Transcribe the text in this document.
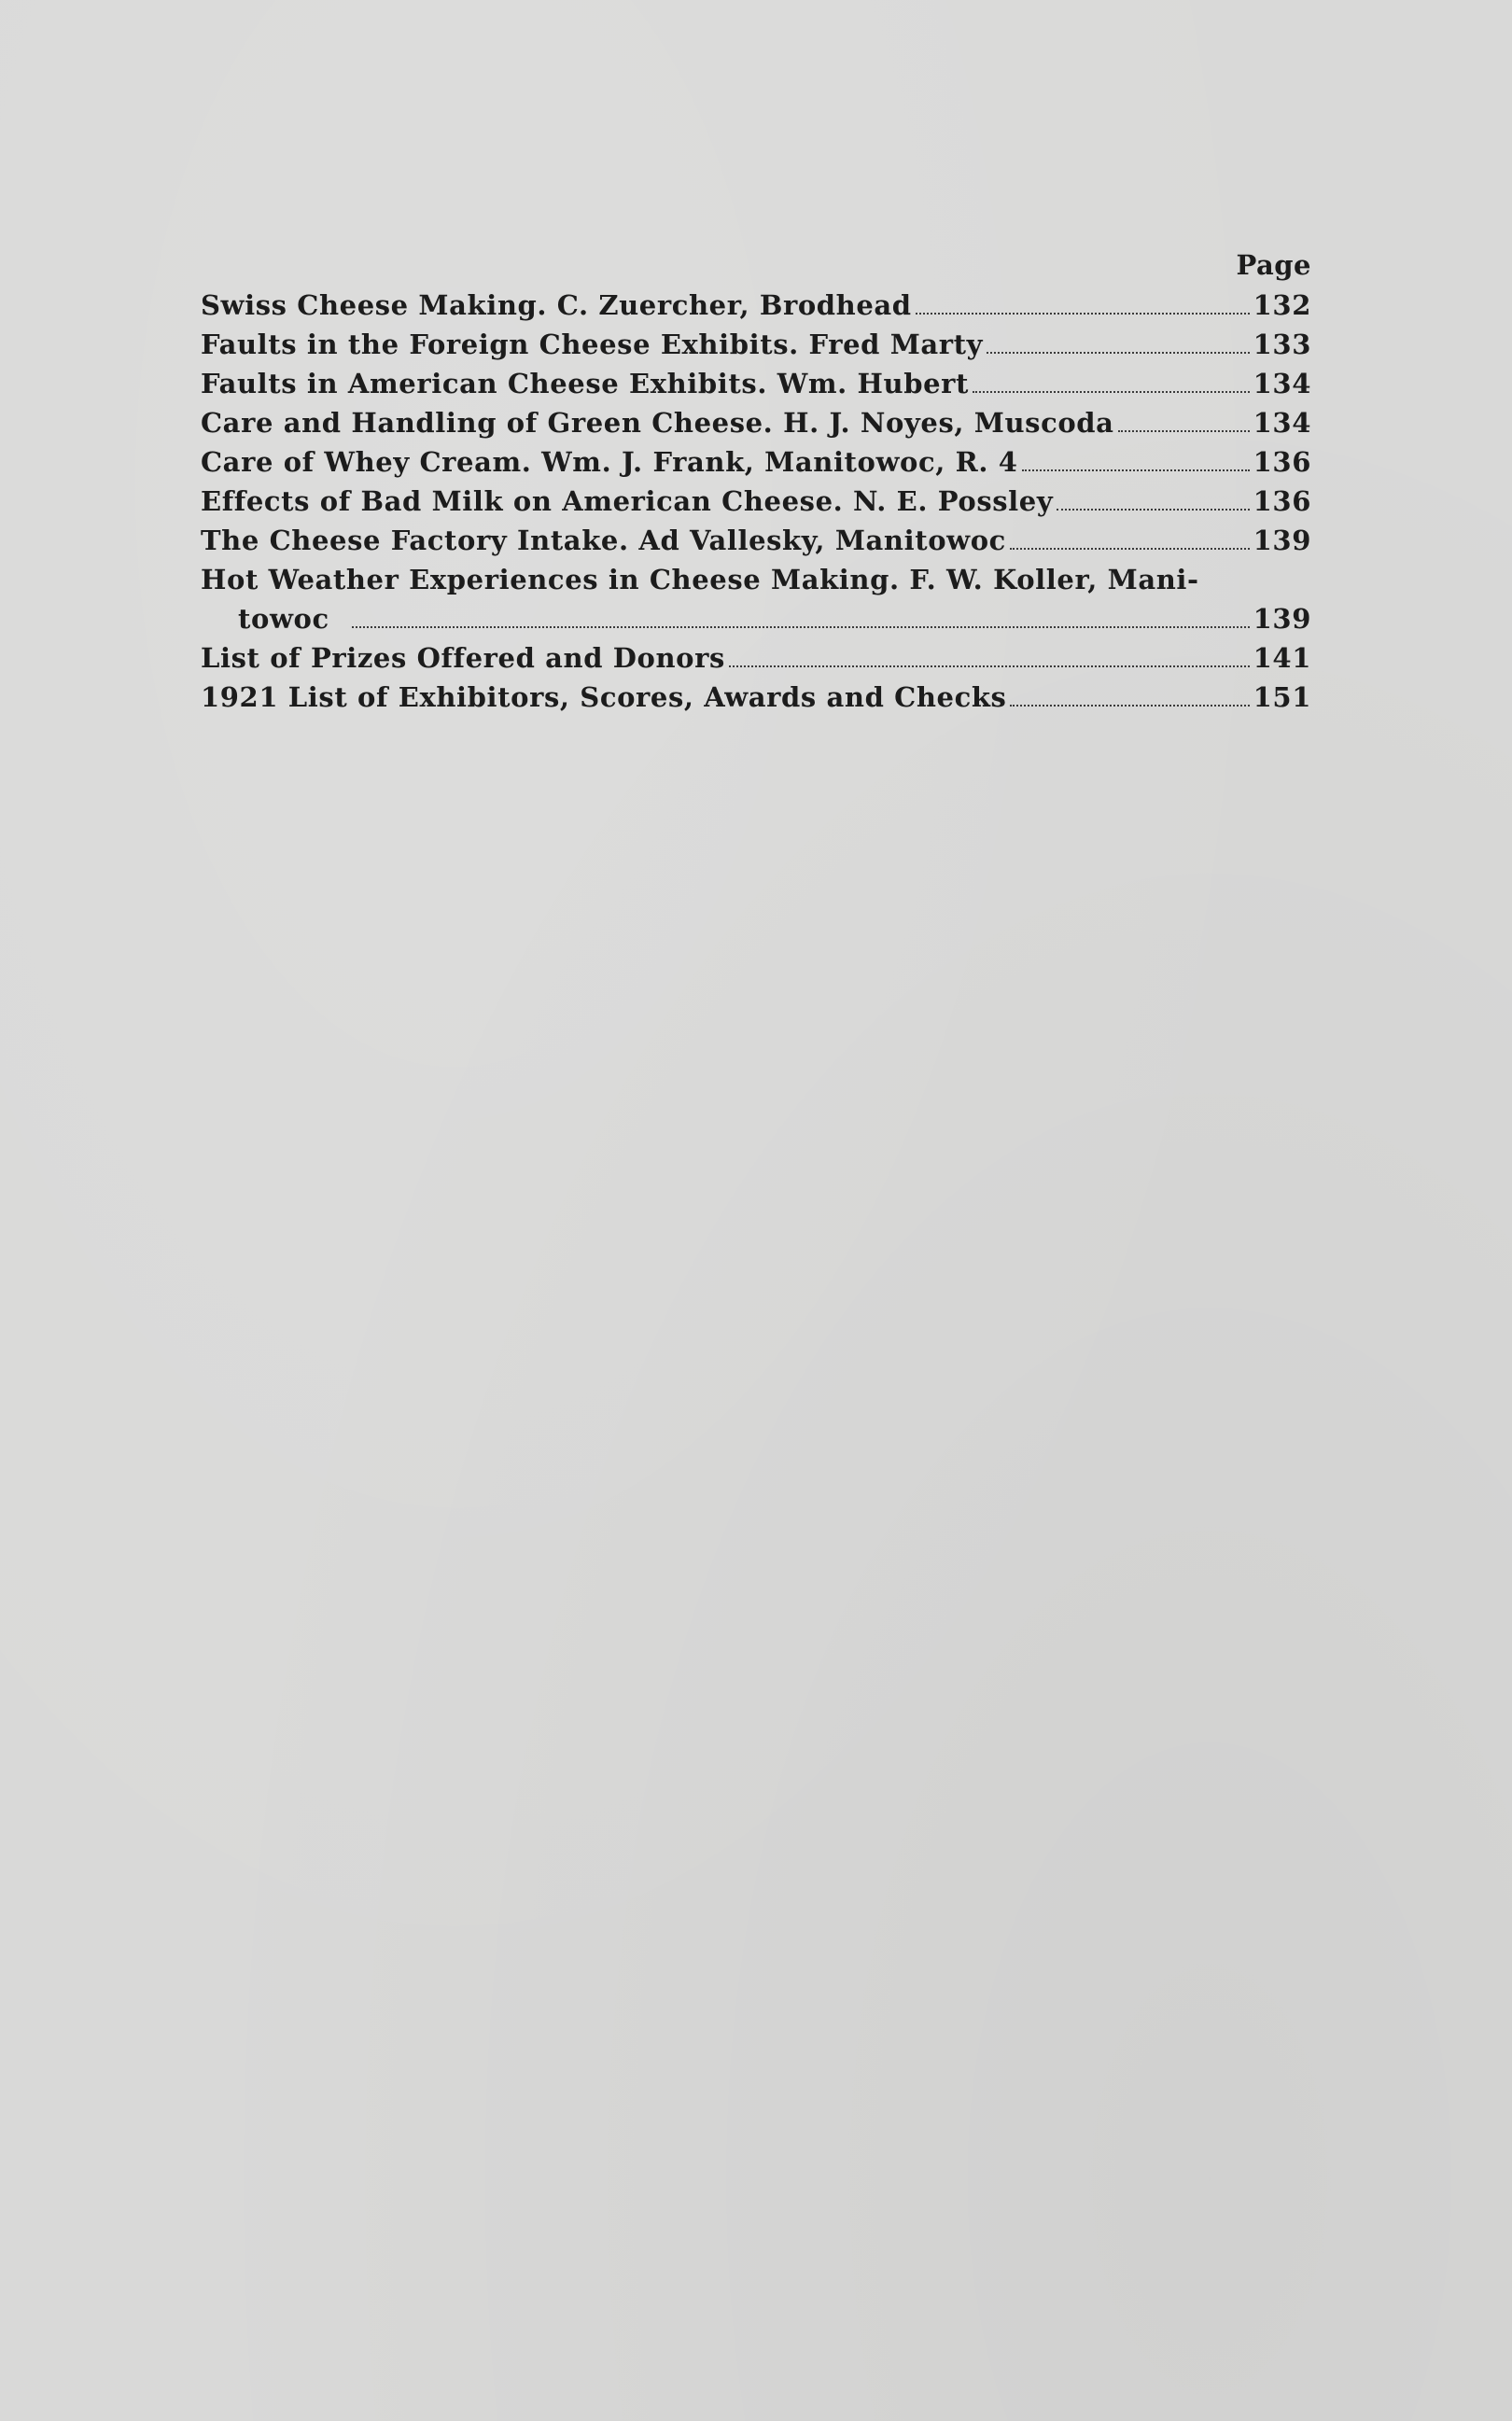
Page
Swiss Cheese Making. C. Zuercher, Brodhead	132
Faults in the Foreign Cheese Exhibits. Fred Marty	133
Faults in American Cheese Exhibits. Wm. Hubert	134
Care and Handling of Green Cheese. H. J. Noyes, Muscoda	134
Care of Whey Cream. Wm. J. Frank, Manitowoc, R. 4	136
Effects of Bad Milk on American Cheese. N. E. Possley	136
The Cheese Factory Intake. Ad Vallesky, Manitowoc	139
Hot Weather Experiences in Cheese Making. F. W. Koller, Mani-
towoc	139
List of Prizes Offered and Donors	141
1921 List of Exhibitors, Scores, Awards and Checks	151
